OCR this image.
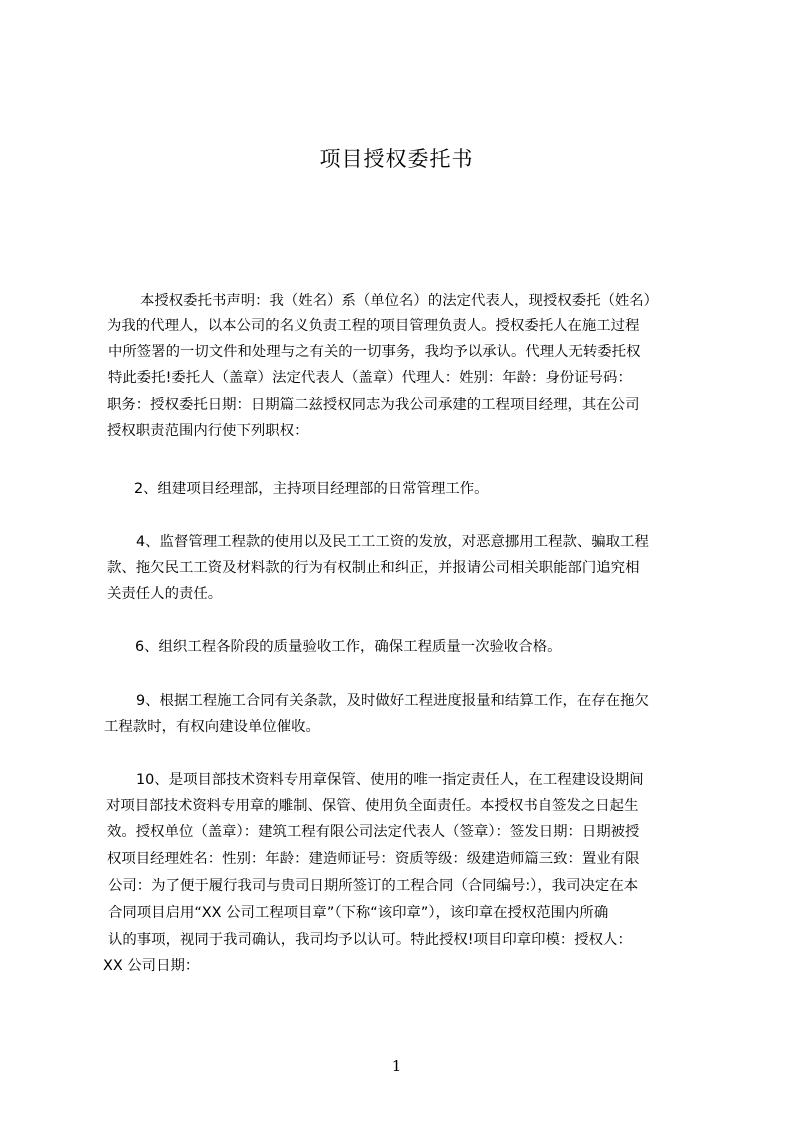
项目授权委托书

本授权委托书声明：我（姓名）系（单位名）的法定代表人，现授权委托（姓名）

为我的代理人，以本公司的名义负责工程的项目管理负责人。授权委托人在施工过程

中所签署的一切文件和处理与之有关的一切事务，我均予以承认。代理人无转委托权

特此委托!委托人（盖章）法定代表人（盖章）代理人：姓别：年龄：身份证号码：

职务：授权委托日期：日期篇二兹授权同志为我公司承建的工程项目经理，其在公司

授权职责范围内行使下列职权：

2、组建项目经理部，主持项目经理部的日常管理工作。

4、监督管理工程款的使用以及民工工工资的发放，对恶意挪用工程款、骗取工程

款、拖欠民工工资及材料款的行为有权制止和纠正，并报请公司相关职能部门追究相

关责任人的责任。

6、组织工程各阶段的质量验收工作，确保工程质量一次验收合格。

9、根据工程施工合同有关条款，及时做好工程进度报量和结算工作，在存在拖欠

工程款时，有权向建设单位催收。

10、是项目部技术资料专用章保管、使用的唯一指定责任人，在工程建设设期间

对项目部技术资料专用章的雕制、保管、使用负全面责任。本授权书自签发之日起生

效。授权单位（盖章）：建筑工程有限公司法定代表人（签章）：签发日期：日期被授

权项目经理姓名：性别：年龄：建造师证号：资质等级：级建造师篇三致：置业有限

公司：为了便于履行我司与贵司日期所签订的工程合同（合同编号:），我司决定在本

合同项目启用“XX 公司工程项目章”（下称“该印章”），该印章在授权范围内所确

认的事项，视同于我司确认，我司均予以认可。特此授权!项目印章印模：授权人：

XX 公司日期：

1
